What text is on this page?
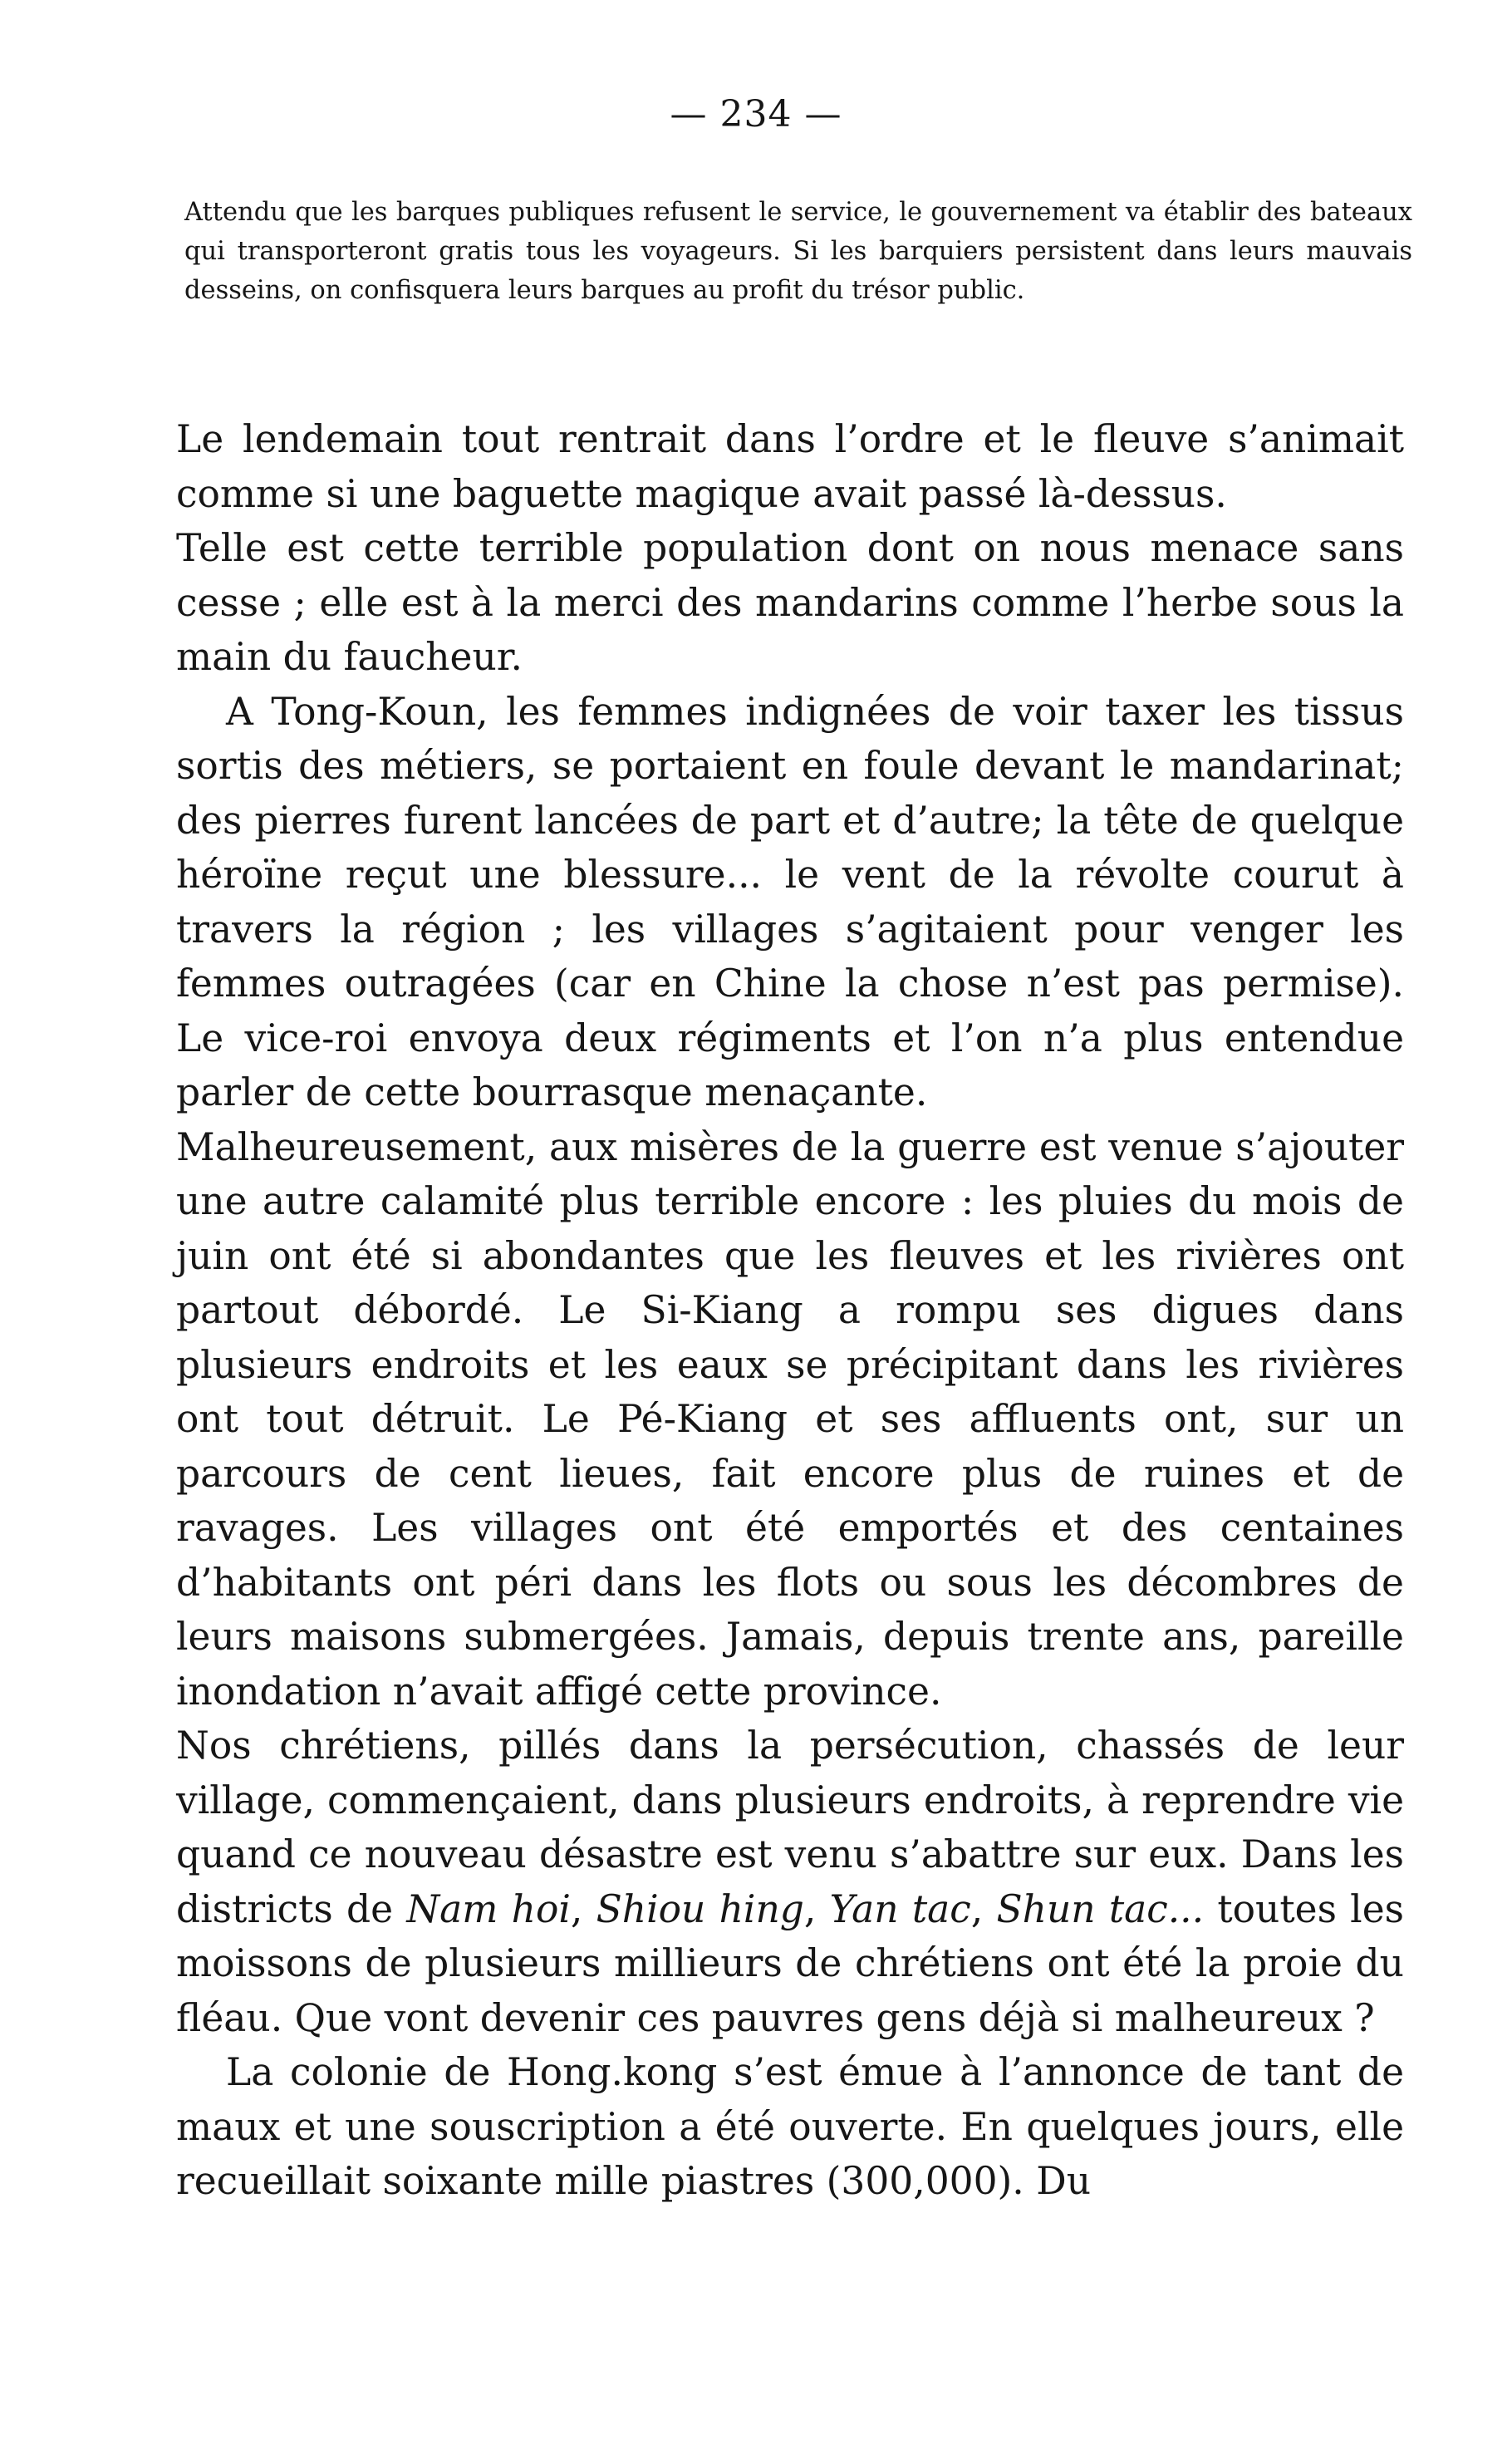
— 234 —
Attendu que les barques publiques refusent le service, le gouvernement va établir des bateaux qui transporteront gratis tous les voyageurs. Si les barquiers persistent dans leurs mauvais desseins, on confisquera leurs barques au profit du trésor public.

Le lendemain tout rentrait dans l’ordre et le fleuve s’animait comme si une baguette magique avait passé là-dessus.

Telle est cette terrible population dont on nous menace sans cesse ; elle est à la merci des mandarins comme l’herbe sous la main du faucheur.

A Tong-Koun, les femmes indignées de voir taxer les tissus sortis des métiers, se portaient en foule devant le mandarinat; des pierres furent lancées de part et d’autre; la tête de quelque héroïne reçut une blessure... le vent de la révolte courut à travers la région ; les villages s’agitaient pour venger les femmes outragées (car en Chine la chose n’est pas permise). Le vice-roi envoya deux régiments et l’on n’a plus entendue parler de cette bourrasque menaçante.

Malheureusement, aux misères de la guerre est venue s’ajouter une autre calamité plus terrible encore : les pluies du mois de juin ont été si abondantes que les fleuves et les rivières ont partout débordé. Le Si-Kiang a rompu ses digues dans plusieurs endroits et les eaux se précipitant dans les rivières ont tout détruit. Le Pé-Kiang et ses affluents ont, sur un parcours de cent lieues, fait encore plus de ruines et de ravages. Les villages ont été emportés et des centaines d’habitants ont péri dans les flots ou sous les décombres de leurs maisons submergées. Jamais, depuis trente ans, pareille inondation n’avait affigé cette province.

Nos chrétiens, pillés dans la persécution, chassés de leur village, commençaient, dans plusieurs endroits, à reprendre vie quand ce nouveau désastre est venu s’abattre sur eux. Dans les districts de Nam hoi, Shiou hing, Yan tac, Shun tac... toutes les moissons de plusieurs millieurs de chrétiens ont été la proie du fléau. Que vont devenir ces pauvres gens déjà si malheureux ?

La colonie de Hong.kong s’est émue à l’annonce de tant de maux et une souscription a été ouverte. En quelques jours, elle recueillait soixante mille piastres (300,000). Du
